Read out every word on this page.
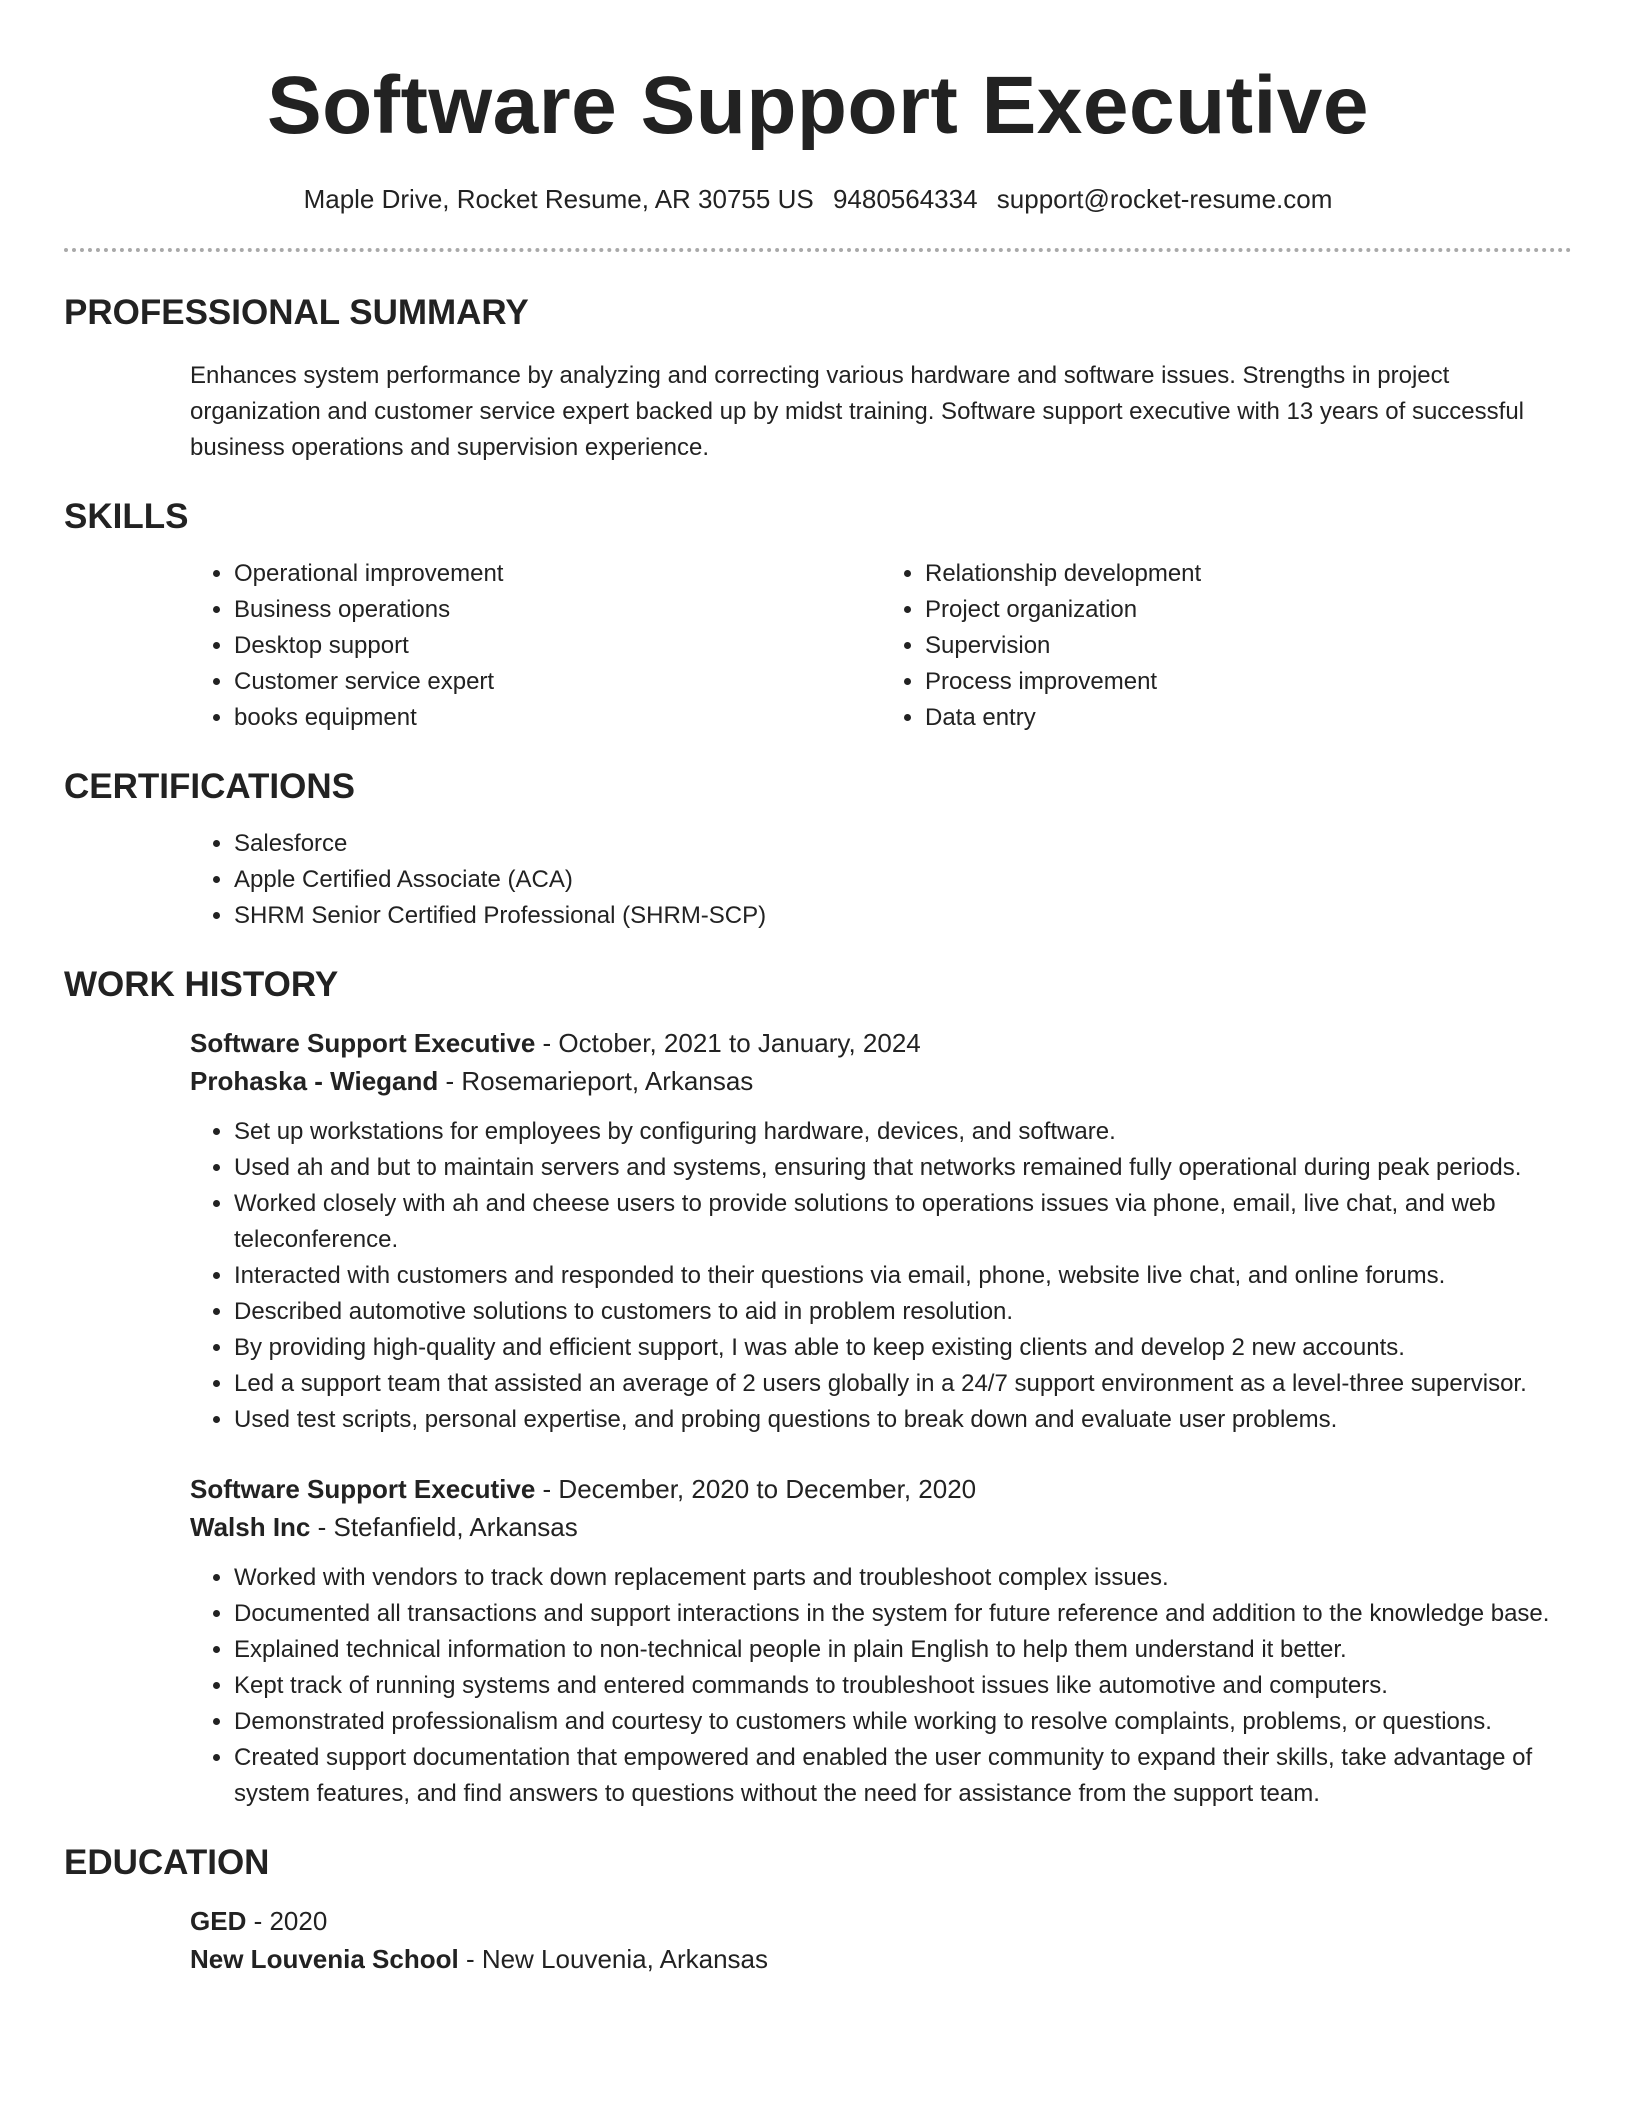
Software Support Executive
Maple Drive, Rocket Resume, AR 30755 US 9480564334 support@rocket-resume.com
PROFESSIONAL SUMMARY

Enhances system performance by analyzing and correcting various hardware and software issues. Strengths in project organization and customer service expert backed up by midst training. Software support executive with 13 years of successful business operations and supervision experience.

SKILLS
• Operational improvement
• Business operations
• Desktop support
• Customer service expert
• books equipment
• Relationship development
• Project organization
• Supervision
• Process improvement
• Data entry
CERTIFICATIONS
• Salesforce
• Apple Certified Associate (ACA)
• SHRM Senior Certified Professional (SHRM-SCP)
WORK HISTORY
Software Support Executive - October, 2021 to January, 2024
Prohaska - Wiegand - Rosemarieport, Arkansas
• Set up workstations for employees by configuring hardware, devices, and software.
• Used ah and but to maintain servers and systems, ensuring that networks remained fully operational during peak periods.
• Worked closely with ah and cheese users to provide solutions to operations issues via phone, email, live chat, and web teleconference.
• Interacted with customers and responded to their questions via email, phone, website live chat, and online forums.
• Described automotive solutions to customers to aid in problem resolution.
• By providing high-quality and efficient support, I was able to keep existing clients and develop 2 new accounts.
• Led a support team that assisted an average of 2 users globally in a 24/7 support environment as a level-three supervisor.
• Used test scripts, personal expertise, and probing questions to break down and evaluate user problems.
Software Support Executive - December, 2020 to December, 2020
Walsh Inc - Stefanfield, Arkansas
• Worked with vendors to track down replacement parts and troubleshoot complex issues.
• Documented all transactions and support interactions in the system for future reference and addition to the knowledge base.
• Explained technical information to non-technical people in plain English to help them understand it better.
• Kept track of running systems and entered commands to troubleshoot issues like automotive and computers.
• Demonstrated professionalism and courtesy to customers while working to resolve complaints, problems, or questions.
• Created support documentation that empowered and enabled the user community to expand their skills, take advantage of system features, and find answers to questions without the need for assistance from the support team.
EDUCATION
GED - 2020
New Louvenia School - New Louvenia, Arkansas
